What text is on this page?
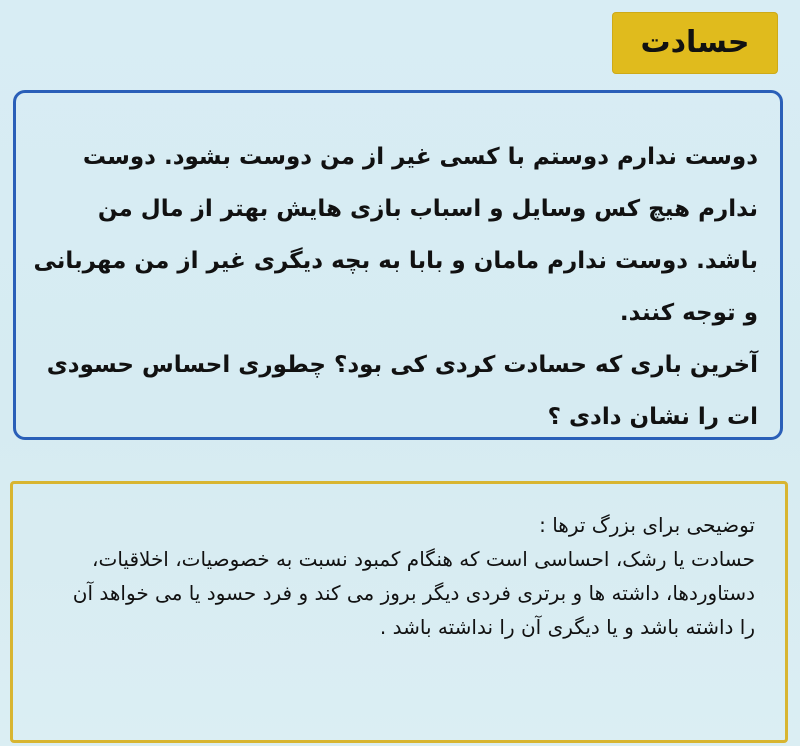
حسادت

دوست ندارم دوستم با کسی غیر از من دوست بشود. دوست ندارم هیچ کس وسایل و اسباب بازی هایش بهتر از مال من باشد. دوست ندارم مامان و بابا به بچه دیگری غیر از من مهربانی و توجه کنند.

آخرین باری که حسادت کردی کی بود؟ چطوری احساس حسودی ات را نشان دادی ؟

توضیحی برای بزرگ ترها :

حسادت یا رشک، احساسی است که هنگام کمبود نسبت به خصوصیات، اخلاقیات، دستاوردها، داشته ها و برتری فردی دیگر بروز می کند و فرد حسود یا می خواهد آن را داشته باشد و یا دیگری آن را نداشته باشد .
